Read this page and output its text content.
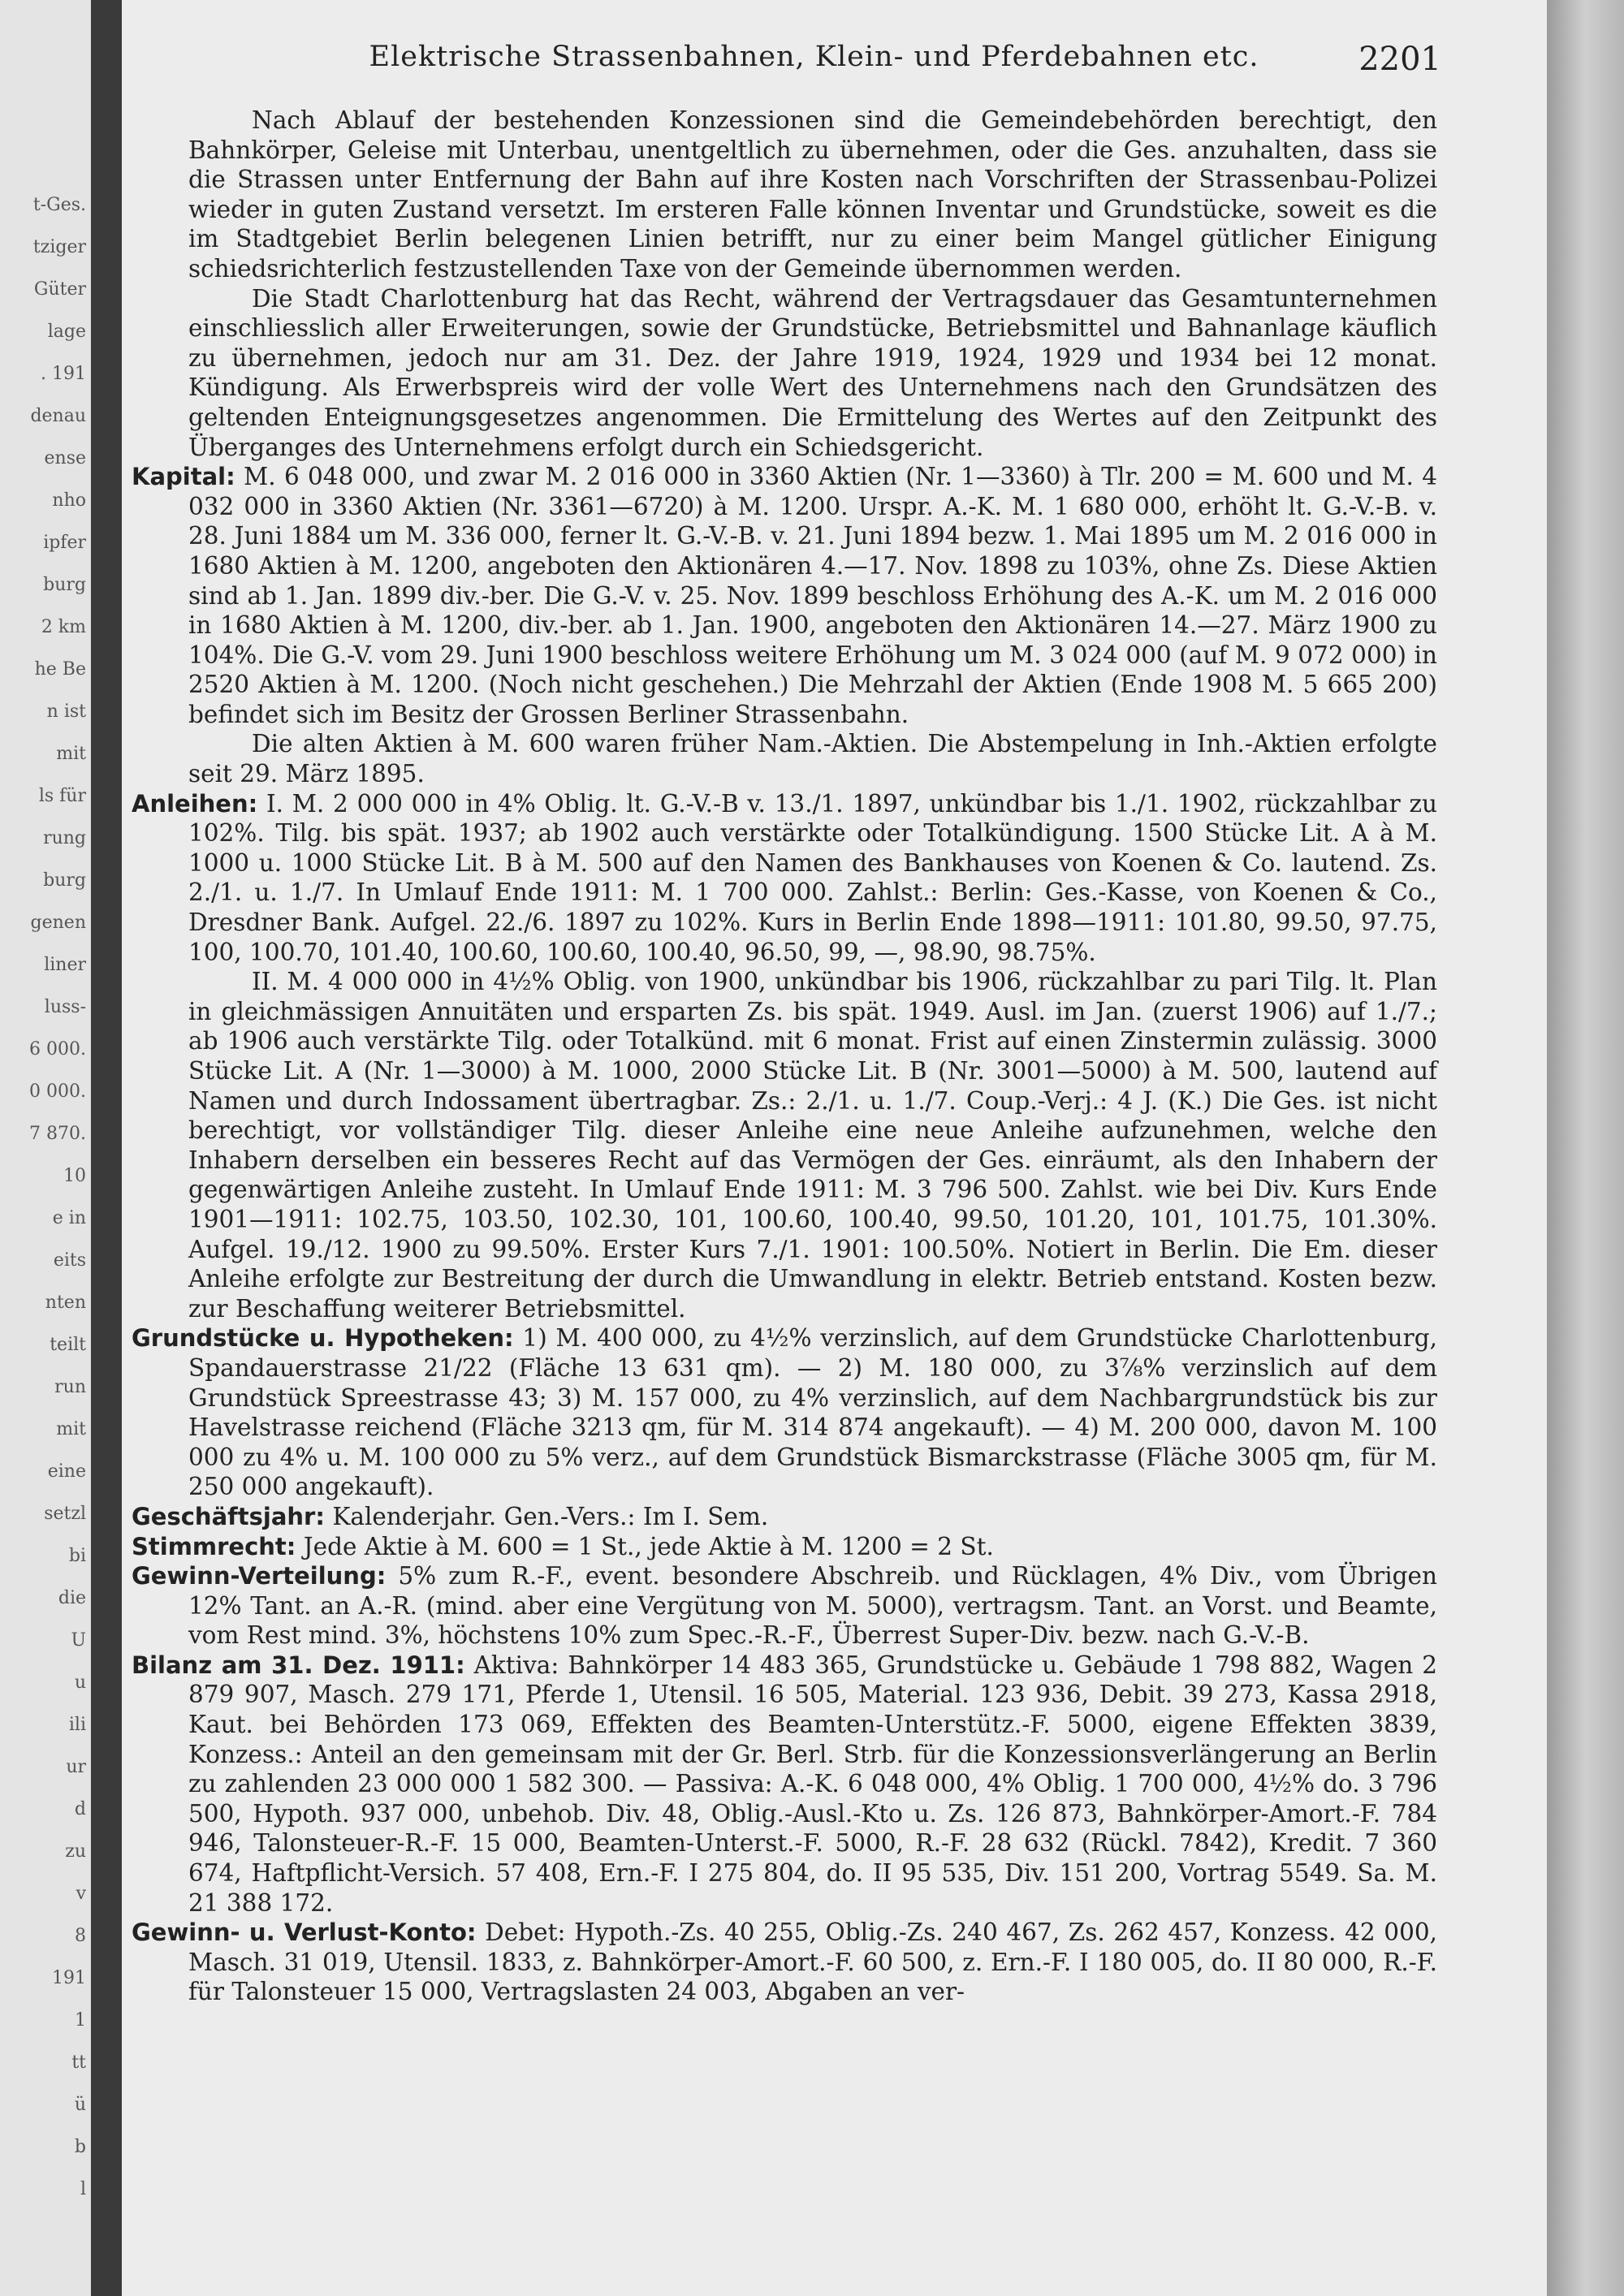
t-Ges.
tziger
Güter
lage
. 191
denau
ense
nho
ipfer
burg
2 km
he Be
n ist
mit
ls für
rung
burg
genen
liner
luss-
6 000.
0 000.
7 870.
10
e in
eits
nten
teilt
run
mit
eine
setzl
bi
die
U
u
ili
ur
d
zu
v
8
191
1
tt
ü
b
l
Elektrische Strassenbahnen, Klein- und Pferdebahnen etc.	2201

Nach Ablauf der bestehenden Konzessionen sind die Gemeindebehörden berechtigt, den Bahnkörper, Geleise mit Unterbau, unentgeltlich zu übernehmen, oder die Ges. anzuhalten, dass sie die Strassen unter Entfernung der Bahn auf ihre Kosten nach Vorschriften der Strassenbau-Polizei wieder in guten Zustand versetzt. Im ersteren Falle können Inventar und Grundstücke, soweit es die im Stadtgebiet Berlin belegenen Linien betrifft, nur zu einer beim Mangel gütlicher Einigung schiedsrichterlich festzustellenden Taxe von der Gemeinde übernommen werden.

Die Stadt Charlottenburg hat das Recht, während der Vertragsdauer das Gesamtunternehmen einschliesslich aller Erweiterungen, sowie der Grundstücke, Betriebsmittel und Bahnanlage käuflich zu übernehmen, jedoch nur am 31. Dez. der Jahre 1919, 1924, 1929 und 1934 bei 12 monat. Kündigung. Als Erwerbspreis wird der volle Wert des Unternehmens nach den Grundsätzen des geltenden Enteignungsgesetzes angenommen. Die Ermittelung des Wertes auf den Zeitpunkt des Überganges des Unternehmens erfolgt durch ein Schiedsgericht.

Kapital: M. 6 048 000, und zwar M. 2 016 000 in 3360 Aktien (Nr. 1—3360) à Tlr. 200 = M. 600 und M. 4 032 000 in 3360 Aktien (Nr. 3361—6720) à M. 1200. Urspr. A.-K. M. 1 680 000, erhöht lt. G.-V.-B. v. 28. Juni 1884 um M. 336 000, ferner lt. G.-V.-B. v. 21. Juni 1894 bezw. 1. Mai 1895 um M. 2 016 000 in 1680 Aktien à M. 1200, angeboten den Aktionären 4.—17. Nov. 1898 zu 103%, ohne Zs. Diese Aktien sind ab 1. Jan. 1899 div.-ber. Die G.-V. v. 25. Nov. 1899 beschloss Erhöhung des A.-K. um M. 2 016 000 in 1680 Aktien à M. 1200, div.-ber. ab 1. Jan. 1900, angeboten den Aktionären 14.—27. März 1900 zu 104%. Die G.-V. vom 29. Juni 1900 beschloss weitere Erhöhung um M. 3 024 000 (auf M. 9 072 000) in 2520 Aktien à M. 1200. (Noch nicht geschehen.) Die Mehrzahl der Aktien (Ende 1908 M. 5 665 200) befindet sich im Besitz der Grossen Berliner Strassenbahn.

Die alten Aktien à M. 600 waren früher Nam.-Aktien. Die Abstempelung in Inh.-Aktien erfolgte seit 29. März 1895.

Anleihen: I. M. 2 000 000 in 4% Oblig. lt. G.-V.-B v. 13./1. 1897, unkündbar bis 1./1. 1902, rückzahlbar zu 102%. Tilg. bis spät. 1937; ab 1902 auch verstärkte oder Totalkündigung. 1500 Stücke Lit. A à M. 1000 u. 1000 Stücke Lit. B à M. 500 auf den Namen des Bankhauses von Koenen & Co. lautend. Zs. 2./1. u. 1./7. In Umlauf Ende 1911: M. 1 700 000. Zahlst.: Berlin: Ges.-Kasse, von Koenen & Co., Dresdner Bank. Aufgel. 22./6. 1897 zu 102%. Kurs in Berlin Ende 1898—1911: 101.80, 99.50, 97.75, 100, 100.70, 101.40, 100.60, 100.60, 100.40, 96.50, 99, —, 98.90, 98.75%.

II. M. 4 000 000 in 4½% Oblig. von 1900, unkündbar bis 1906, rückzahlbar zu pari Tilg. lt. Plan in gleichmässigen Annuitäten und ersparten Zs. bis spät. 1949. Ausl. im Jan. (zuerst 1906) auf 1./7.; ab 1906 auch verstärkte Tilg. oder Totalkünd. mit 6 monat. Frist auf einen Zinstermin zulässig. 3000 Stücke Lit. A (Nr. 1—3000) à M. 1000, 2000 Stücke Lit. B (Nr. 3001—5000) à M. 500, lautend auf Namen und durch Indossament übertragbar. Zs.: 2./1. u. 1./7. Coup.-Verj.: 4 J. (K.) Die Ges. ist nicht berechtigt, vor vollständiger Tilg. dieser Anleihe eine neue Anleihe aufzunehmen, welche den Inhabern derselben ein besseres Recht auf das Vermögen der Ges. einräumt, als den Inhabern der gegenwärtigen Anleihe zusteht. In Umlauf Ende 1911: M. 3 796 500. Zahlst. wie bei Div. Kurs Ende 1901—1911: 102.75, 103.50, 102.30, 101, 100.60, 100.40, 99.50, 101.20, 101, 101.75, 101.30%. Aufgel. 19./12. 1900 zu 99.50%. Erster Kurs 7./1. 1901: 100.50%. Notiert in Berlin. Die Em. dieser Anleihe erfolgte zur Bestreitung der durch die Umwandlung in elektr. Betrieb entstand. Kosten bezw. zur Beschaffung weiterer Betriebsmittel.

Grundstücke u. Hypotheken: 1) M. 400 000, zu 4½% verzinslich, auf dem Grundstücke Charlottenburg, Spandauerstrasse 21/22 (Fläche 13 631 qm). — 2) M. 180 000, zu 3⅞% verzinslich auf dem Grundstück Spreestrasse 43; 3) M. 157 000, zu 4% verzinslich, auf dem Nachbargrundstück bis zur Havelstrasse reichend (Fläche 3213 qm, für M. 314 874 angekauft). — 4) M. 200 000, davon M. 100 000 zu 4% u. M. 100 000 zu 5% verz., auf dem Grundstück Bismarckstrasse (Fläche 3005 qm, für M. 250 000 angekauft).

Geschäftsjahr: Kalenderjahr. Gen.-Vers.: Im I. Sem.

Stimmrecht: Jede Aktie à M. 600 = 1 St., jede Aktie à M. 1200 = 2 St.

Gewinn-Verteilung: 5% zum R.-F., event. besondere Abschreib. und Rücklagen, 4% Div., vom Übrigen 12% Tant. an A.-R. (mind. aber eine Vergütung von M. 5000), vertragsm. Tant. an Vorst. und Beamte, vom Rest mind. 3%, höchstens 10% zum Spec.-R.-F., Überrest Super-Div. bezw. nach G.-V.-B.

Bilanz am 31. Dez. 1911: Aktiva: Bahnkörper 14 483 365, Grundstücke u. Gebäude 1 798 882, Wagen 2 879 907, Masch. 279 171, Pferde 1, Utensil. 16 505, Material. 123 936, Debit. 39 273, Kassa 2918, Kaut. bei Behörden 173 069, Effekten des Beamten-Unterstütz.-F. 5000, eigene Effekten 3839, Konzess.: Anteil an den gemeinsam mit der Gr. Berl. Strb. für die Konzessionsverlängerung an Berlin zu zahlenden 23 000 000 1 582 300. — Passiva: A.-K. 6 048 000, 4% Oblig. 1 700 000, 4½% do. 3 796 500, Hypoth. 937 000, unbehob. Div. 48, Oblig.-Ausl.-Kto u. Zs. 126 873, Bahnkörper-Amort.-F. 784 946, Talonsteuer-R.-F. 15 000, Beamten-Unterst.-F. 5000, R.-F. 28 632 (Rückl. 7842), Kredit. 7 360 674, Haftpflicht-Versich. 57 408, Ern.-F. I 275 804, do. II 95 535, Div. 151 200, Vortrag 5549. Sa. M. 21 388 172.

Gewinn- u. Verlust-Konto: Debet: Hypoth.-Zs. 40 255, Oblig.-Zs. 240 467, Zs. 262 457, Konzess. 42 000, Masch. 31 019, Utensil. 1833, z. Bahnkörper-Amort.-F. 60 500, z. Ern.-F. I 180 005, do. II 80 000, R.-F. für Talonsteuer 15 000, Vertragslasten 24 003, Abgaben an ver-
